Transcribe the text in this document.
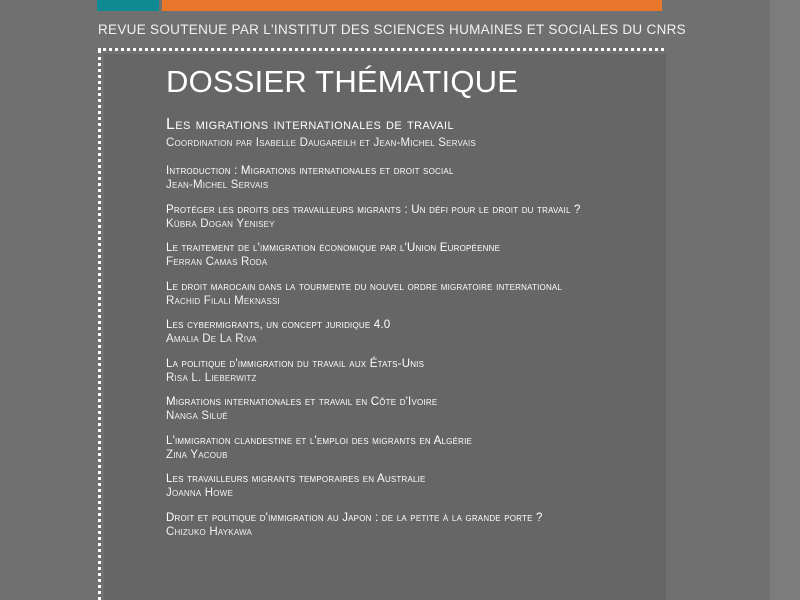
REVUE SOUTENUE PAR L'INSTITUT DES SCIENCES HUMAINES ET SOCIALES DU CNRS
DOSSIER THÉMATIQUE
Les migrations internationales de travail
Coordination par Isabelle Daugareilh et Jean-Michel Servais
Introduction : Migrations internationales et droit social
Jean-Michel Servais
Protéger les droits des travailleurs migrants : Un défi pour le droit du travail ?
Kübra Dogan Yenisey
Le traitement de l'immigration économique par l'Union Européenne
Ferran Camas Roda
Le droit marocain dans la tourmente du nouvel ordre migratoire international
Rachid Filali Meknassi
Les cybermigrants, un concept juridique 4.0
Amalia De La Riva
La politique d'immigration du travail aux États-Unis
Risa L. Lieberwitz
Migrations internationales et travail en Côte d'Ivoire
Nanga Silué
L'immigration clandestine et l'emploi des migrants en Algérie
Zina Yacoub
Les travailleurs migrants temporaires en Australie
Joanna Howe
Droit et politique d'immigration au Japon : de la petite à la grande porte ?
Chizuko Haykawa
